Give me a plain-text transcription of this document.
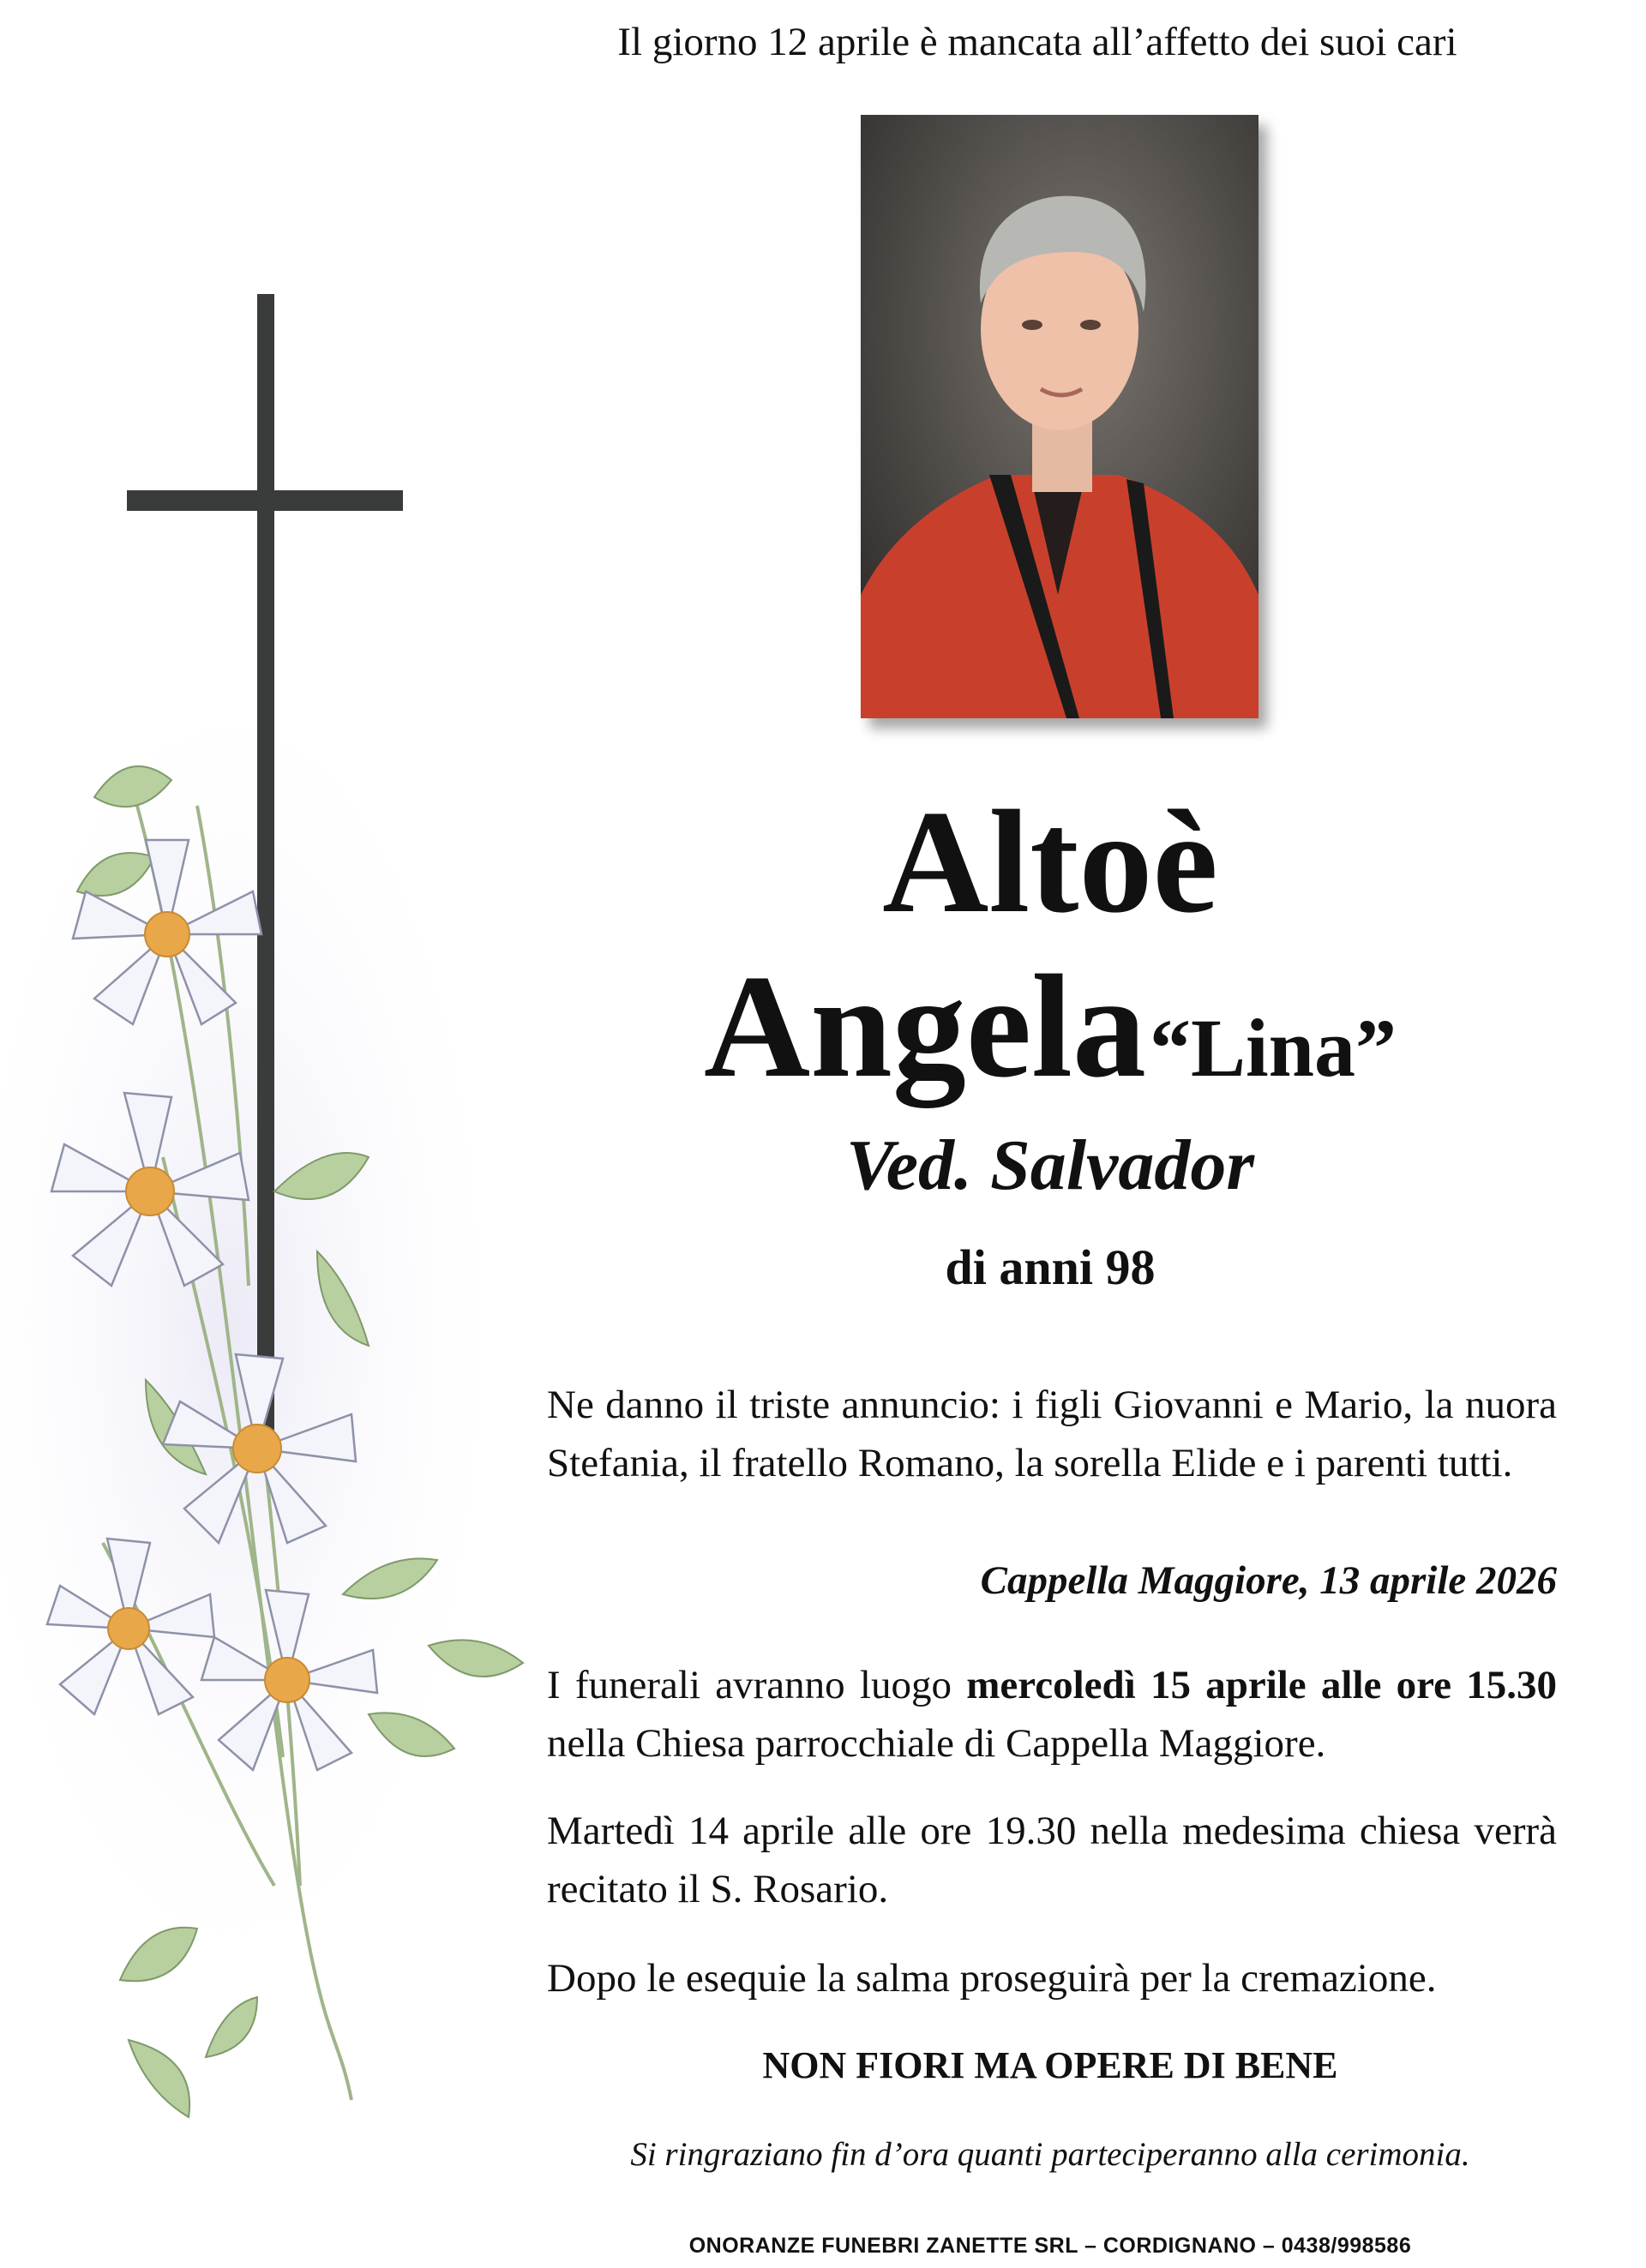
Il giorno 12 aprile è mancata all’affetto dei suoi cari
Altoè
Angela “Lina”
Ved. Salvador
di anni 98
Ne danno il triste annuncio: i figli Giovanni e Mario, la nuora Stefania, il fratello Romano, la sorella Elide e i parenti tutti.
Cappella Maggiore, 13 aprile 2026
I funerali avranno luogo mercoledì 15 aprile alle ore 15.30 nella Chiesa parrocchiale di Cappella Maggiore.
Martedì 14 aprile alle ore 19.30 nella medesima chiesa verrà recitato il S. Rosario.
Dopo le esequie la salma proseguirà per la cremazione.
NON FIORI MA OPERE DI BENE
Si ringraziano fin d’ora quanti parteciperanno alla cerimonia.
ONORANZE FUNEBRI ZANETTE SRL – CORDIGNANO – 0438/998586
